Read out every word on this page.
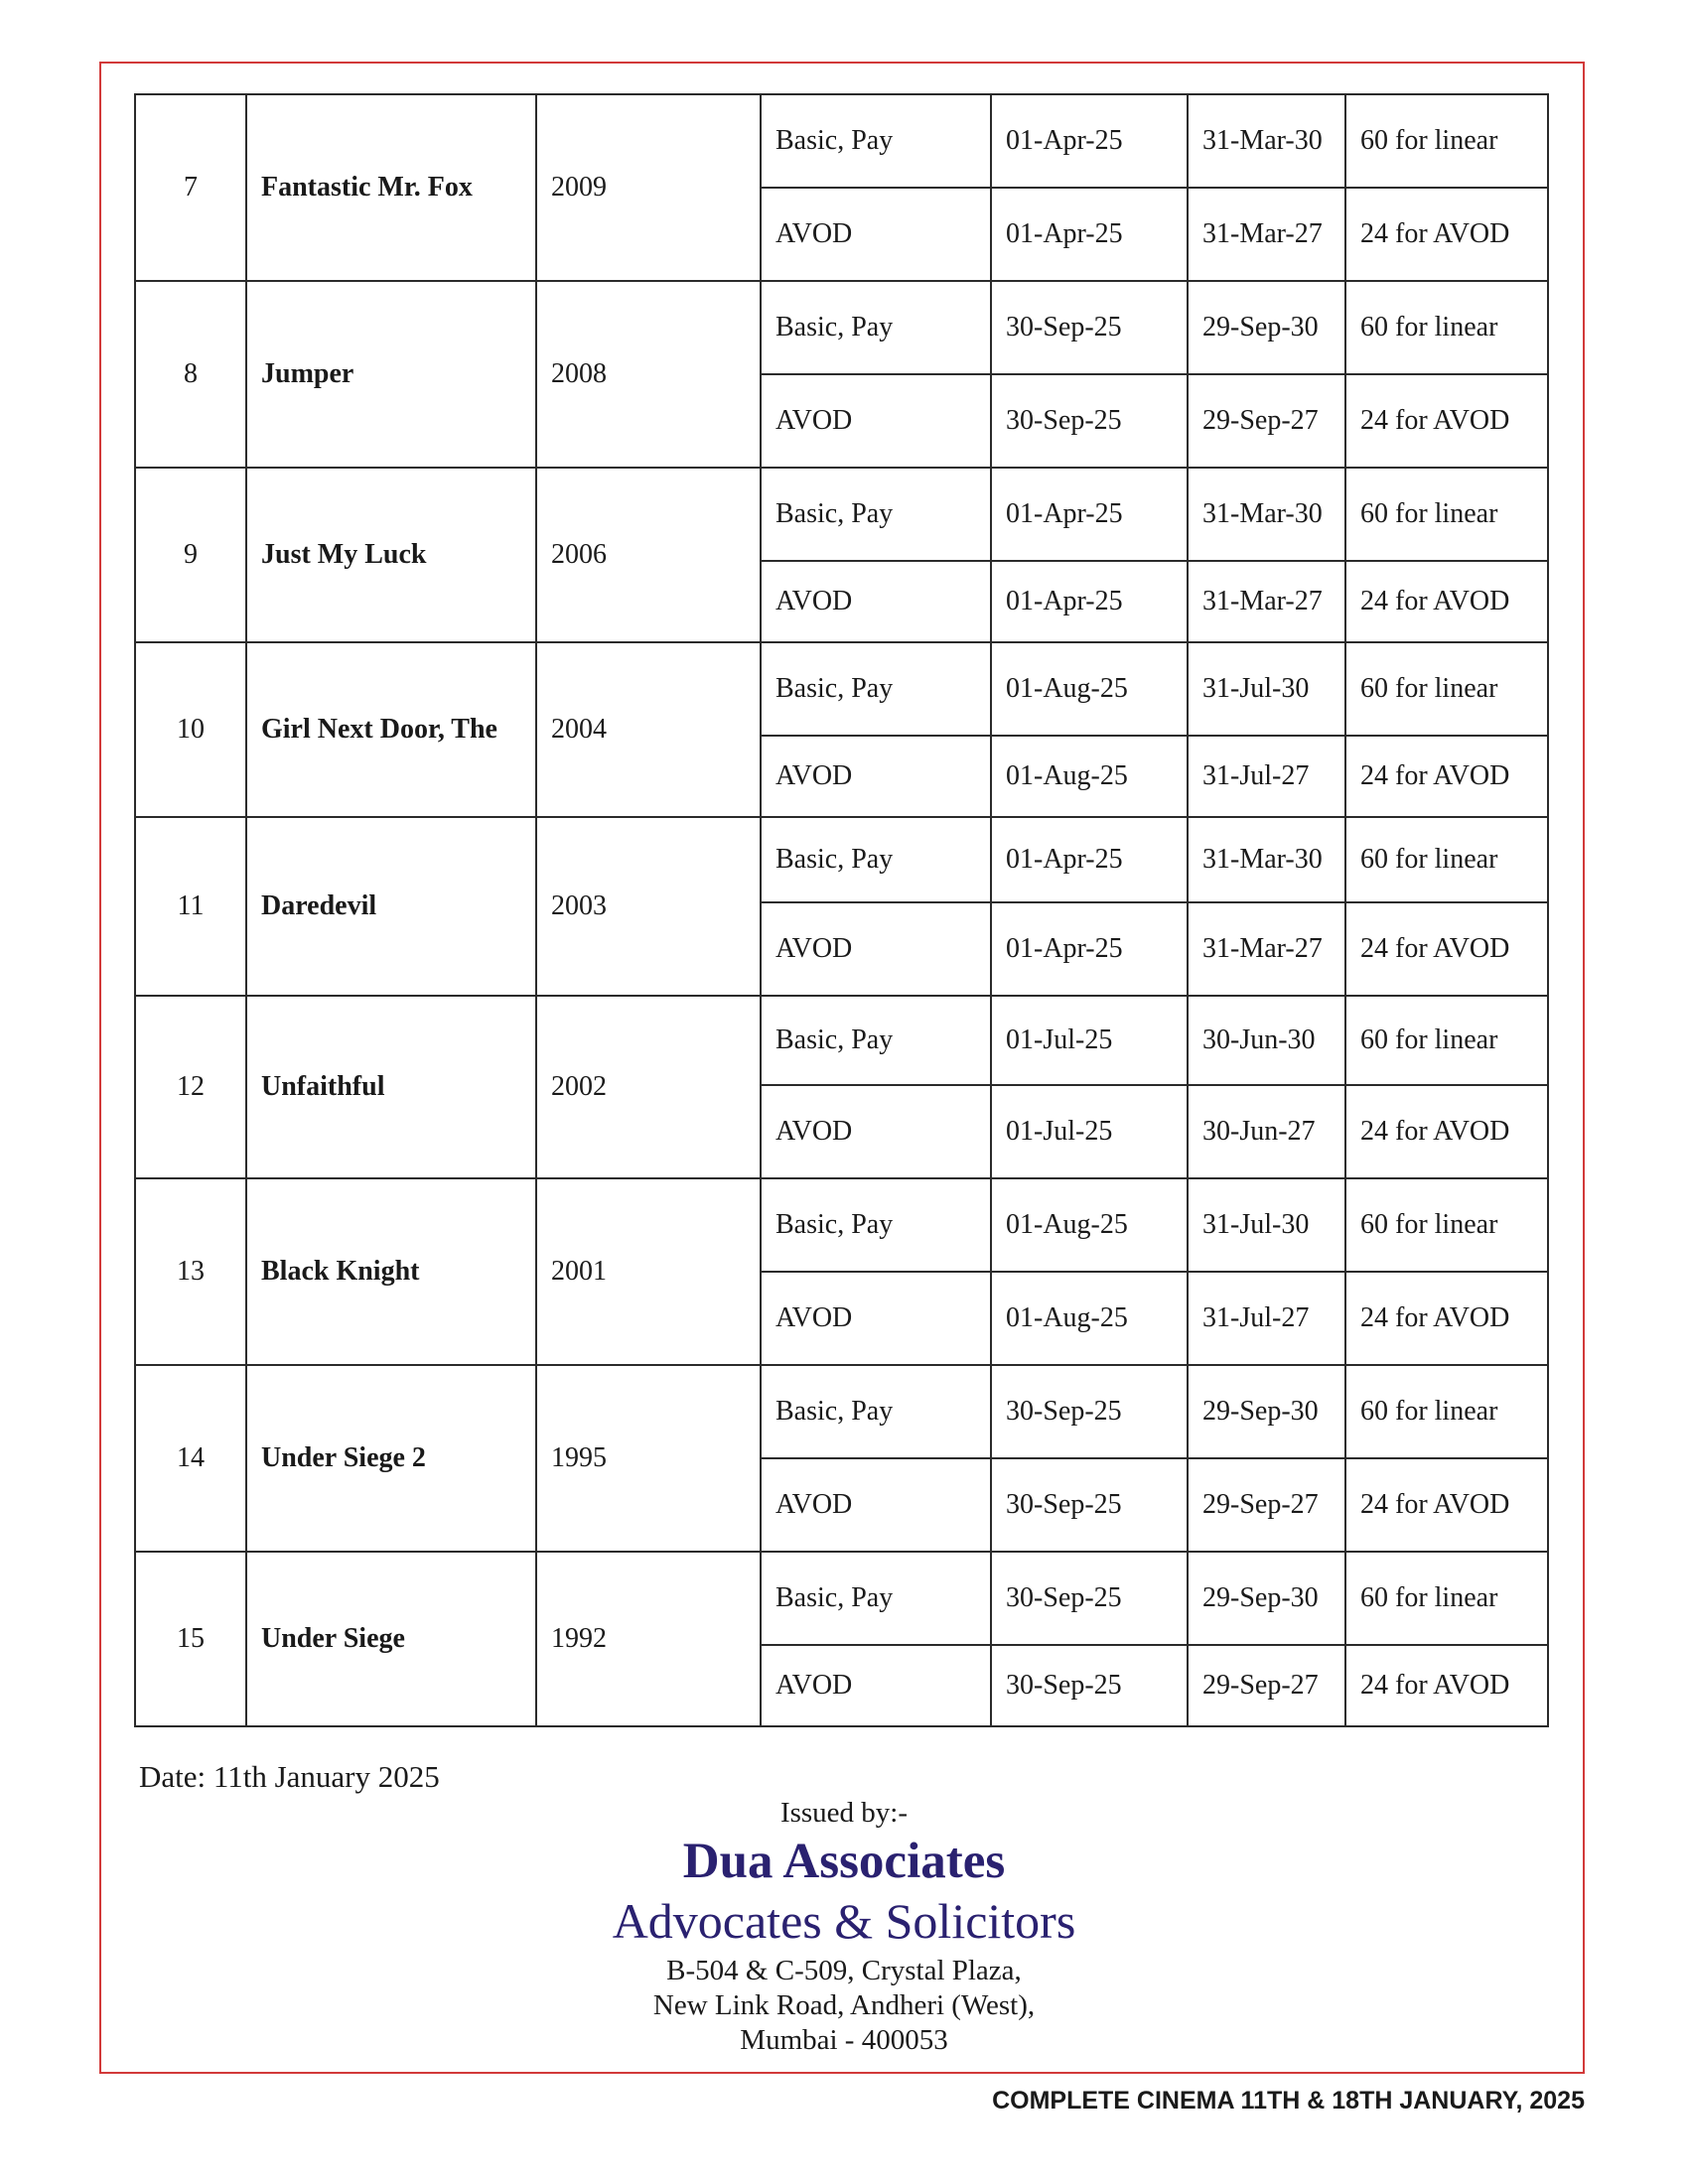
7	Fantastic Mr. Fox	2009	Basic, Pay	01-Apr-25	31-Mar-30	60 for linear
			AVOD	01-Apr-25	31-Mar-27	24 for AVOD
8	Jumper	2008	Basic, Pay	30-Sep-25	29-Sep-30	60 for linear
			AVOD	30-Sep-25	29-Sep-27	24 for AVOD
9	Just My Luck	2006	Basic, Pay	01-Apr-25	31-Mar-30	60 for linear
			AVOD	01-Apr-25	31-Mar-27	24 for AVOD
10	Girl Next Door, The	2004	Basic, Pay	01-Aug-25	31-Jul-30	60 for linear
			AVOD	01-Aug-25	31-Jul-27	24 for AVOD
11	Daredevil	2003	Basic, Pay	01-Apr-25	31-Mar-30	60 for linear
			AVOD	01-Apr-25	31-Mar-27	24 for AVOD
12	Unfaithful	2002	Basic, Pay	01-Jul-25	30-Jun-30	60 for linear
			AVOD	01-Jul-25	30-Jun-27	24 for AVOD
13	Black Knight	2001	Basic, Pay	01-Aug-25	31-Jul-30	60 for linear
			AVOD	01-Aug-25	31-Jul-27	24 for AVOD
14	Under Siege 2	1995	Basic, Pay	30-Sep-25	29-Sep-30	60 for linear
			AVOD	30-Sep-25	29-Sep-27	24 for AVOD
15	Under Siege	1992	Basic, Pay	30-Sep-25	29-Sep-30	60 for linear
			AVOD	30-Sep-25	29-Sep-27	24 for AVOD
Date: 11th January 2025
Issued by:-
Dua Associates
Advocates & Solicitors
B-504 & C-509, Crystal Plaza,
New Link Road, Andheri (West),
Mumbai - 400053
COMPLETE CINEMA 11TH & 18TH JANUARY, 2025
